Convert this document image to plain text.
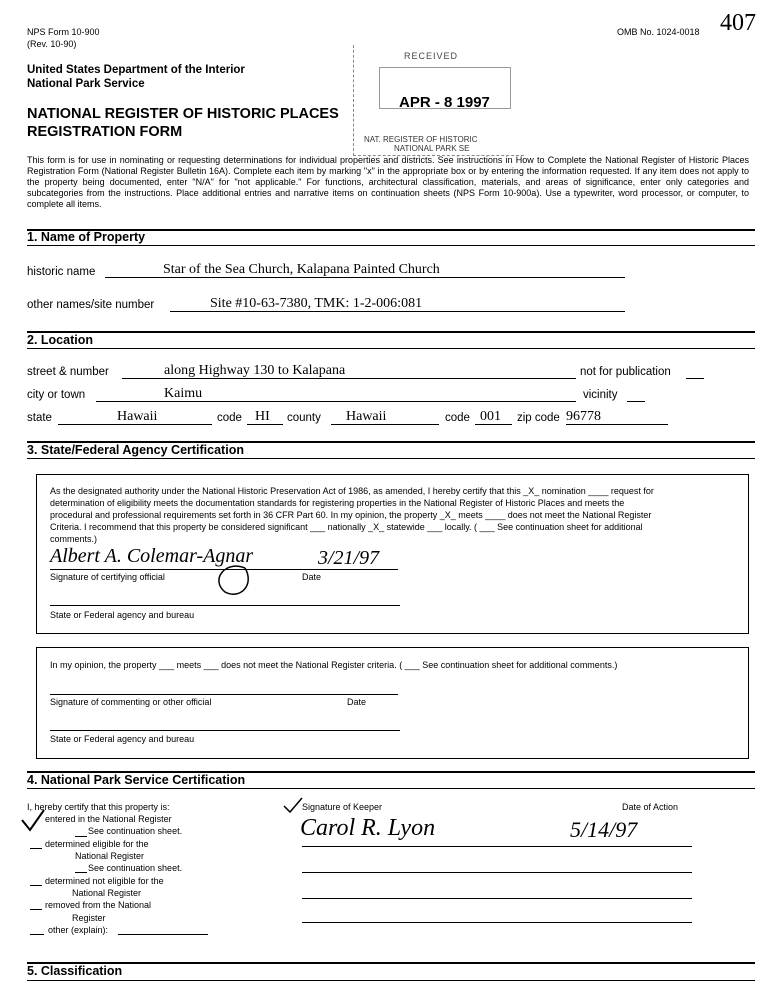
NPS Form 10-900
(Rev. 10-90)
OMB No. 1024-0018 407
United States Department of the Interior
National Park Service
NATIONAL REGISTER OF HISTORIC PLACES
REGISTRATION FORM
RECEIVED
APR - 8 1997
NAT. REGISTER OF HISTORIC
NATIONAL PARK SE
This form is for use in nominating or requesting determinations for individual properties and districts. See instructions in How to Complete the National Register of Historic Places Registration Form (National Register Bulletin 16A). Complete each item by marking "x" in the appropriate box or by entering the information requested. If any item does not apply to the property being documented, enter "N/A" for "not applicable." For functions, architectural classification, materials, and areas of significance, enter only categories and subcategories from the instructions. Place additional entries and narrative items on continuation sheets (NPS Form 10-900a). Use a typewriter, word processor, or computer, to complete all items.
1. Name of Property
historic name	Star of the Sea Church, Kalapana Painted Church
other names/site number	Site #10-63-7380, TMK: 1-2-006:081
2. Location
street & number	along Highway 130 to Kalapana	not for publication
city or town	Kaimu	vicinity
state	Hawaii	code HI county Hawaii	code 001 zip code 96778
3. State/Federal Agency Certification
As the designated authority under the National Historic Preservation Act of 1986, as amended, I hereby certify that this _X_ nomination ____ request for
determination of eligibility meets the documentation standards for registering properties in the National Register of Historic Places and meets the
procedural and professional requirements set forth in 36 CFR Part 60. In my opinion, the property _X_ meets ____ does not meet the National Register
Criteria. I recommend that this property be considered significant ___ nationally _X_ statewide ___ locally. ( ___ See continuation sheet for additional
comments.)
Albert A. Colemar-Agnar	3/21/97
Signature of certifying official	Date
State or Federal agency and bureau
In my opinion, the property ___ meets ___ does not meet the National Register criteria. ( ___ See continuation sheet for additional comments.)
Signature of commenting or other official	Date
State or Federal agency and bureau
4. National Park Service Certification
I, hereby certify that this property is:
entered in the National Register
See continuation sheet.
determined eligible for the
National Register
See continuation sheet.
determined not eligible for the
National Register
removed from the National
Register
other (explain):
Signature of Keeper	Date of Action
Carol R. Lyon	5/14/97
5. Classification
